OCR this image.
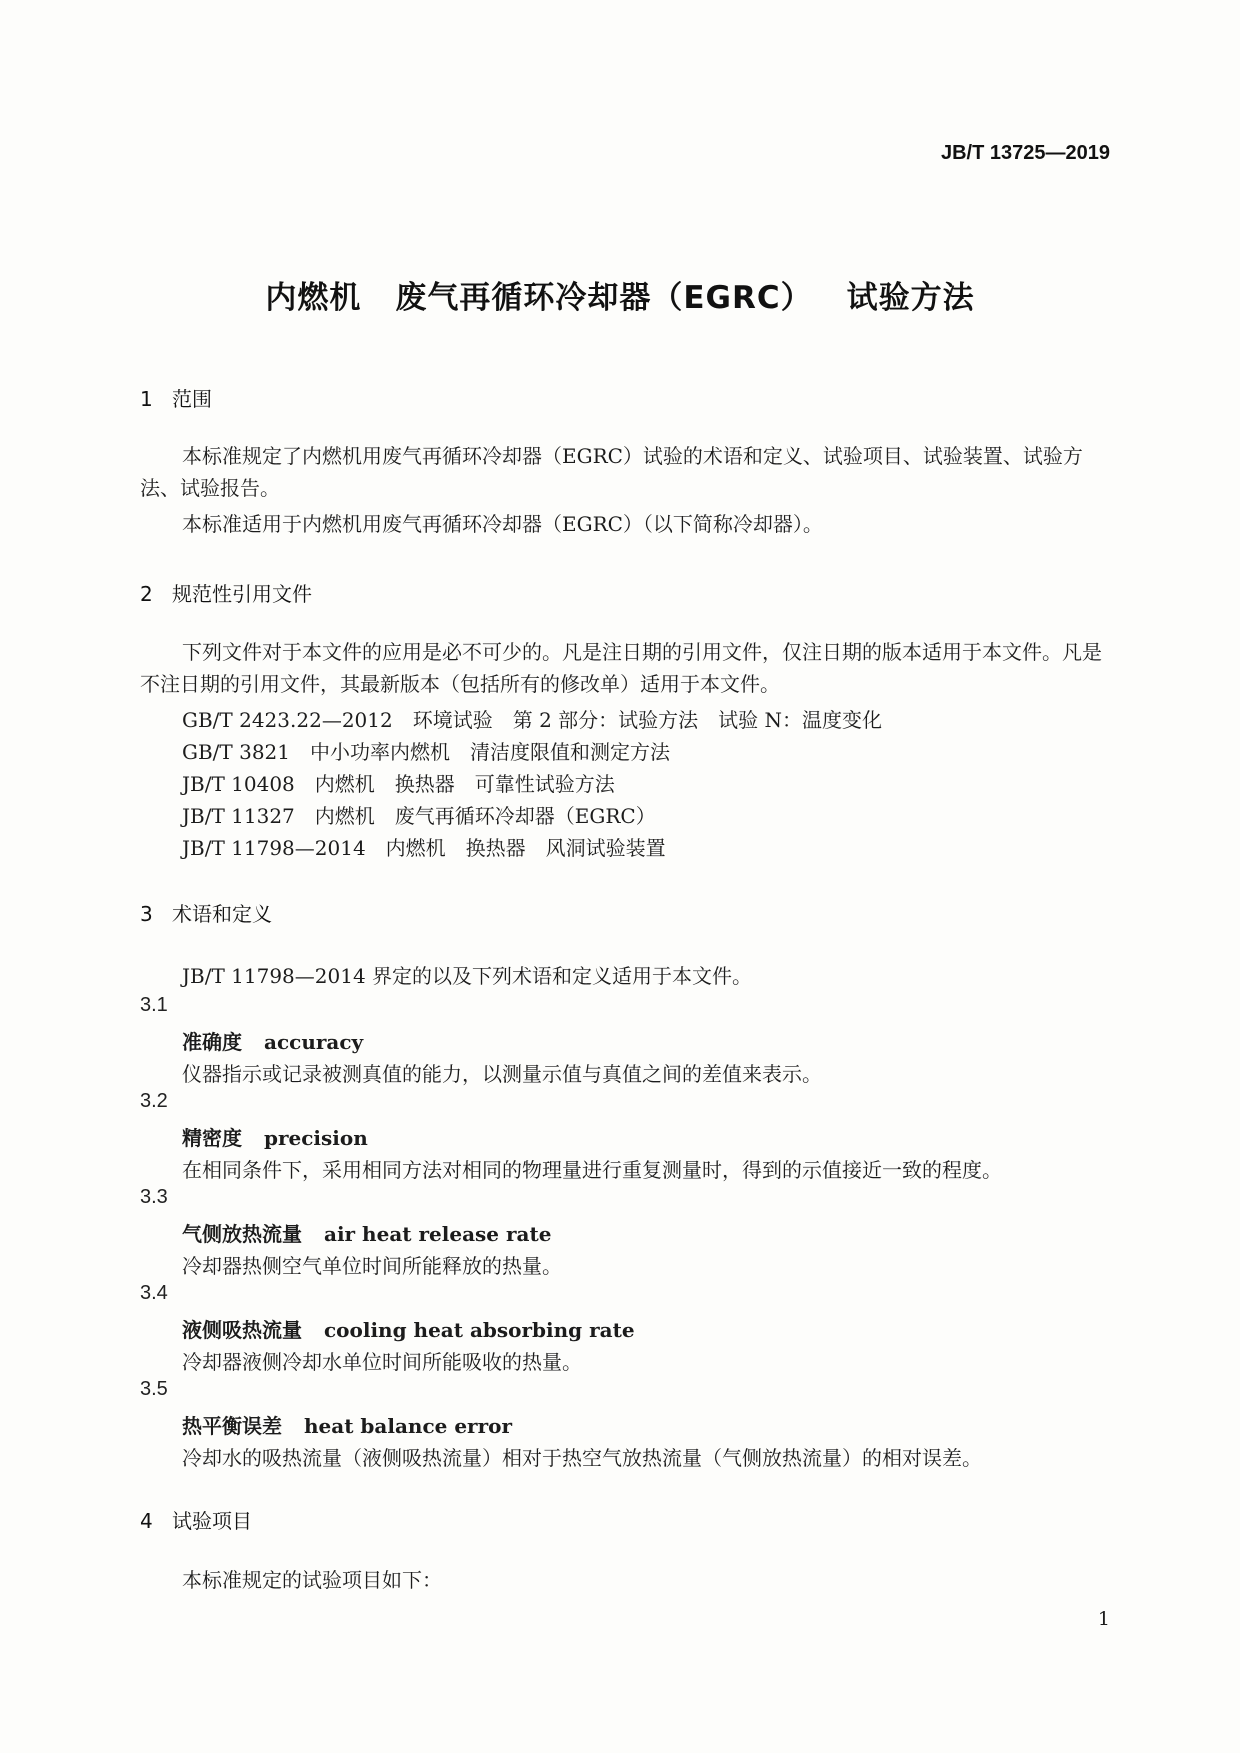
JB/T 13725—2019
内燃机 废气再循环冷却器（EGRC） 试验方法
1 范围
本标准规定了内燃机用废气再循环冷却器（EGRC）试验的术语和定义、试验项目、试验装置、试验方法、试验报告。
本标准适用于内燃机用废气再循环冷却器（EGRC）（以下简称冷却器）。
2 规范性引用文件
下列文件对于本文件的应用是必不可少的。凡是注日期的引用文件，仅注日期的版本适用于本文件。凡是不注日期的引用文件，其最新版本（包括所有的修改单）适用于本文件。
GB/T 2423.22—2012 环境试验　第 2 部分：试验方法　试验 N：温度变化
GB/T 3821 中小功率内燃机　清洁度限值和测定方法
JB/T 10408 内燃机　换热器　可靠性试验方法
JB/T 11327 内燃机　废气再循环冷却器（EGRC）
JB/T 11798—2014 内燃机　换热器　风洞试验装置
3 术语和定义
JB/T 11798—2014 界定的以及下列术语和定义适用于本文件。
3.1
准确度 accuracy
仪器指示或记录被测真值的能力，以测量示值与真值之间的差值来表示。
3.2
精密度 precision
在相同条件下，采用相同方法对相同的物理量进行重复测量时，得到的示值接近一致的程度。
3.3
气侧放热流量 air heat release rate
冷却器热侧空气单位时间所能释放的热量。
3.4
液侧吸热流量 cooling heat absorbing rate
冷却器液侧冷却水单位时间所能吸收的热量。
3.5
热平衡误差 heat balance error
冷却水的吸热流量（液侧吸热流量）相对于热空气放热流量（气侧放热流量）的相对误差。
4 试验项目
本标准规定的试验项目如下：
1
